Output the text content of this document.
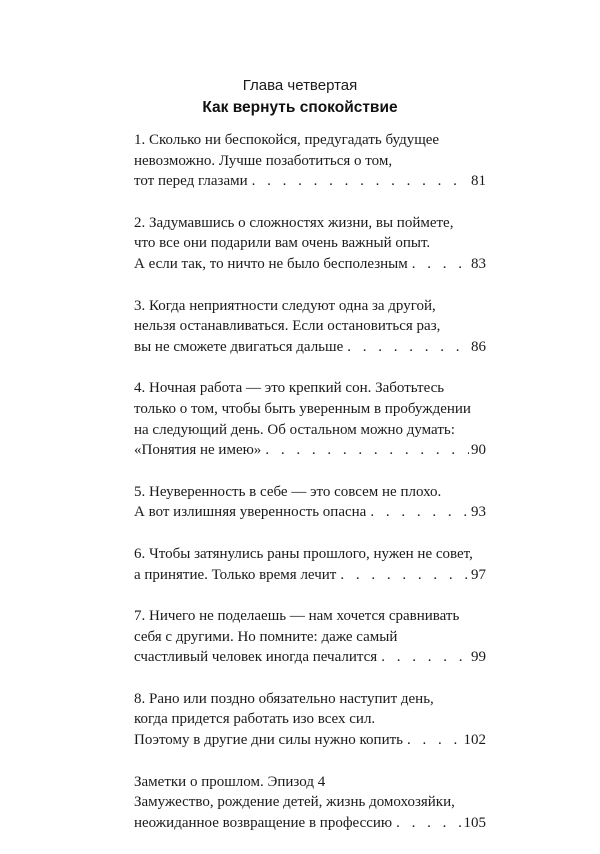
Глава четвертая
Как вернуть спокойствие
1. Сколько ни беспокойся, предугадать будущее
невозможно. Лучше позаботиться о том,
тот перед глазами . . .	81
2. Задумавшись о сложностях жизни, вы поймете,
что все они подарили вам очень важный опыт.
А если так, то ничто не было бесполезным . . .	83
3. Когда неприятности следуют одна за другой,
нельзя останавливаться. Если остановиться раз,
вы не сможете двигаться дальше . . .	86
4. Ночная работа — это крепкий сон. Заботьтесь
только о том, чтобы быть уверенным в пробуждении
на следующий день. Об остальном можно думать:
«Понятия не имею» . . .	90
5. Неуверенность в себе — это совсем не плохо.
А вот излишняя уверенность опасна . . .	93
6. Чтобы затянулись раны прошлого, нужен не совет,
а принятие. Только время лечит . . .	97
7. Ничего не поделаешь — нам хочется сравнивать
себя с другими. Но помните: даже самый
счастливый человек иногда печалится . . .	99
8. Рано или поздно обязательно наступит день,
когда придется работать изо всех сил.
Поэтому в другие дни силы нужно копить . . .	102
Заметки о прошлом. Эпизод 4
Замужество, рождение детей, жизнь домохозяйки,
неожиданное возвращение в профессию . . .	105
